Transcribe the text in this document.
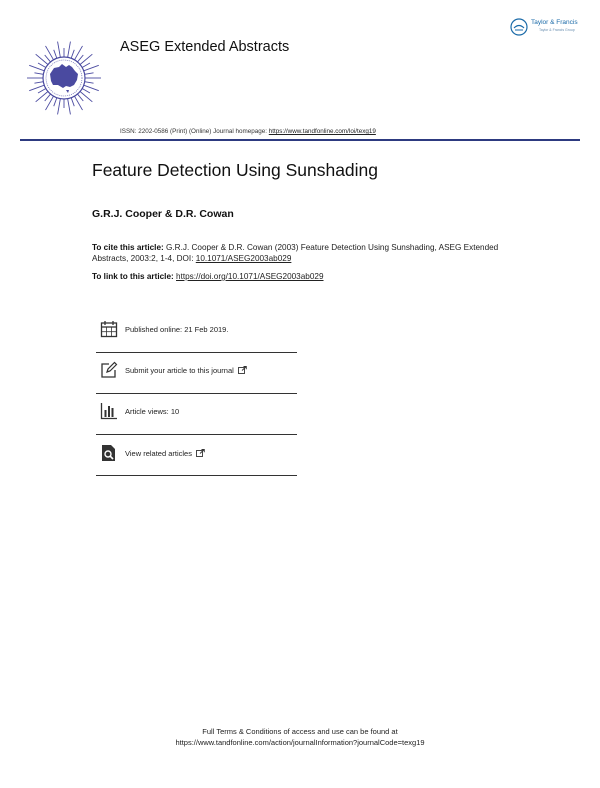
ASEG Extended Abstracts
Taylor & Francis
Taylor & Francis Group
ISSN: 2202-0586 (Print) (Online) Journal homepage: https://www.tandfonline.com/loi/texg19
Feature Detection Using Sunshading
G.R.J. Cooper & D.R. Cowan
To cite this article: G.R.J. Cooper & D.R. Cowan (2003) Feature Detection Using Sunshading, ASEG Extended Abstracts, 2003:2, 1-4, DOI: 10.1071/ASEG2003ab029
To link to this article: https://doi.org/10.1071/ASEG2003ab029
Published online: 21 Feb 2019.
Submit your article to this journal
Article views: 10
View related articles
Full Terms & Conditions of access and use can be found at
https://www.tandfonline.com/action/journalInformation?journalCode=texg19
